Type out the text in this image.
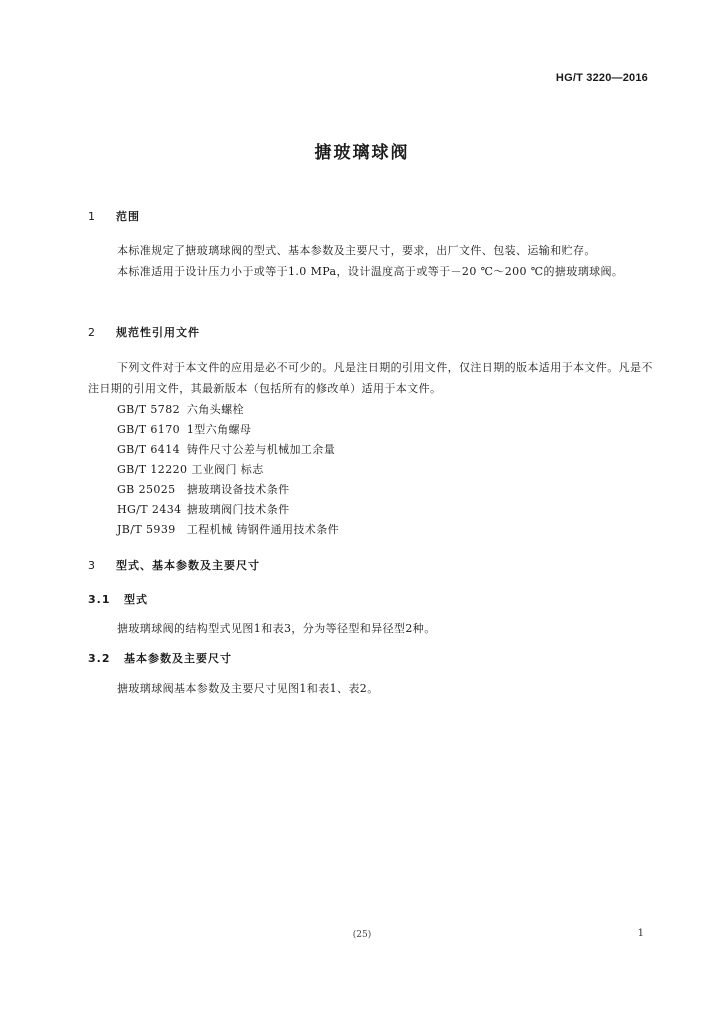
HG/T 3220—2016
搪玻璃球阀
1 范围

本标准规定了搪玻璃球阀的型式、基本参数及主要尺寸，要求，出厂文件、包装、运输和贮存。

本标准适用于设计压力小于或等于1.0 MPa，设计温度高于或等于－20 ℃～200 ℃的搪玻璃球阀。

2 规范性引用文件

下列文件对于本文件的应用是必不可少的。凡是注日期的引用文件，仅注日期的版本适用于本文件。凡是不注日期的引用文件，其最新版本（包括所有的修改单）适用于本文件。

GB/T 5782 六角头螺栓
GB/T 6170 1型六角螺母
GB/T 6414 铸件尺寸公差与机械加工余量
GB/T 12220 工业阀门 标志
GB 25025 搪玻璃设备技术条件
HG/T 2434 搪玻璃阀门技术条件
JB/T 5939 工程机械 铸钢件通用技术条件
3 型式、基本参数及主要尺寸
3.1 型式

搪玻璃球阀的结构型式见图1和表3，分为等径型和异径型2种。

3.2 基本参数及主要尺寸

搪玻璃球阀基本参数及主要尺寸见图1和表1、表2。

(25)	1
